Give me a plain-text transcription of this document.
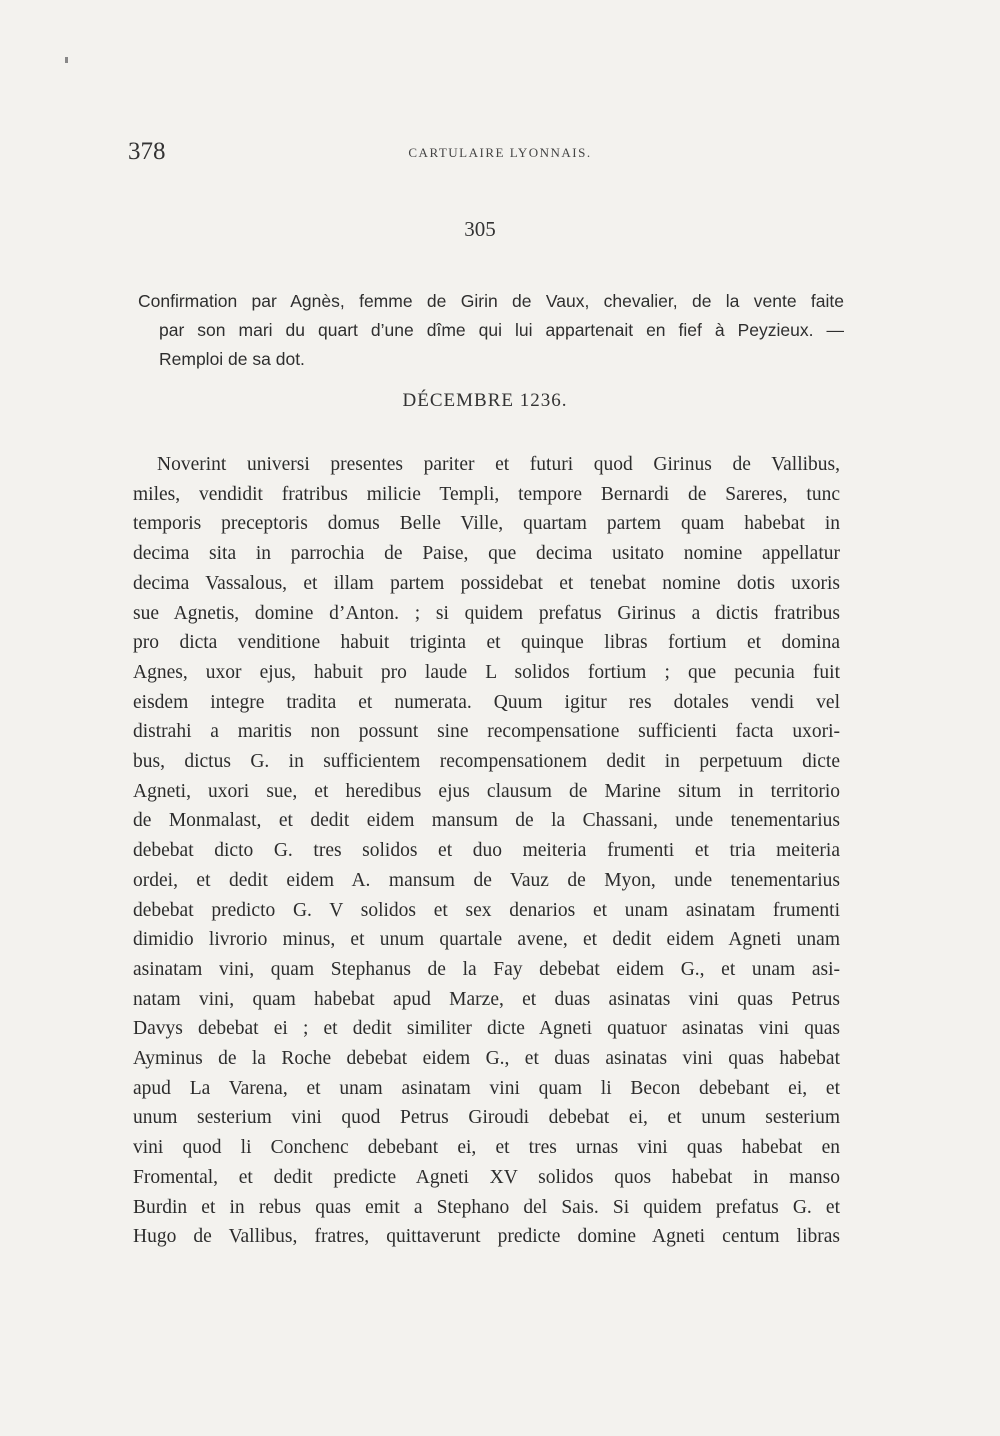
378	CARTULAIRE LYONNAIS.
305
Confirmation par Agnès, femme de Girin de Vaux, chevalier, de la vente faite
par son mari du quart d’une dîme qui lui appartenait en fief à Peyzieux. —
Remploi de sa dot.
DÉCEMBRE 1236.
Noverint universi presentes pariter et futuri quod Girinus de Vallibus,
miles, vendidit fratribus milicie Templi, tempore Bernardi de Sareres, tunc
temporis preceptoris domus Belle Ville, quartam partem quam habebat in
decima sita in parrochia de Paise, que decima usitato nomine appellatur
decima Vassalous, et illam partem possidebat et tenebat nomine dotis uxoris
sue Agnetis, domine d’Anton. ; si quidem prefatus Girinus a dictis fratribus
pro dicta venditione habuit triginta et quinque libras fortium et domina
Agnes, uxor ejus, habuit pro laude L solidos fortium ; que pecunia fuit
eisdem integre tradita et numerata. Quum igitur res dotales vendi vel
distrahi a maritis non possunt sine recompensatione sufficienti facta uxori-
bus, dictus G. in sufficientem recompensationem dedit in perpetuum dicte
Agneti, uxori sue, et heredibus ejus clausum de Marine situm in territorio
de Monmalast, et dedit eidem mansum de la Chassani, unde tenementarius
debebat dicto G. tres solidos et duo meiteria frumenti et tria meiteria
ordei, et dedit eidem A. mansum de Vauz de Myon, unde tenementarius
debebat predicto G. V solidos et sex denarios et unam asinatam frumenti
dimidio livrorio minus, et unum quartale avene, et dedit eidem Agneti unam
asinatam vini, quam Stephanus de la Fay debebat eidem G., et unam asi-
natam vini, quam habebat apud Marze, et duas asinatas vini quas Petrus
Davys debebat ei ; et dedit similiter dicte Agneti quatuor asinatas vini quas
Ayminus de la Roche debebat eidem G., et duas asinatas vini quas habebat
apud La Varena, et unam asinatam vini quam li Becon debebant ei, et
unum sesterium vini quod Petrus Giroudi debebat ei, et unum sesterium
vini quod li Conchenc debebant ei, et tres urnas vini quas habebat en
Fromental, et dedit predicte Agneti XV solidos quos habebat in manso
Burdin et in rebus quas emit a Stephano del Sais. Si quidem prefatus G. et
Hugo de Vallibus, fratres, quittaverunt predicte domine Agneti centum libras
